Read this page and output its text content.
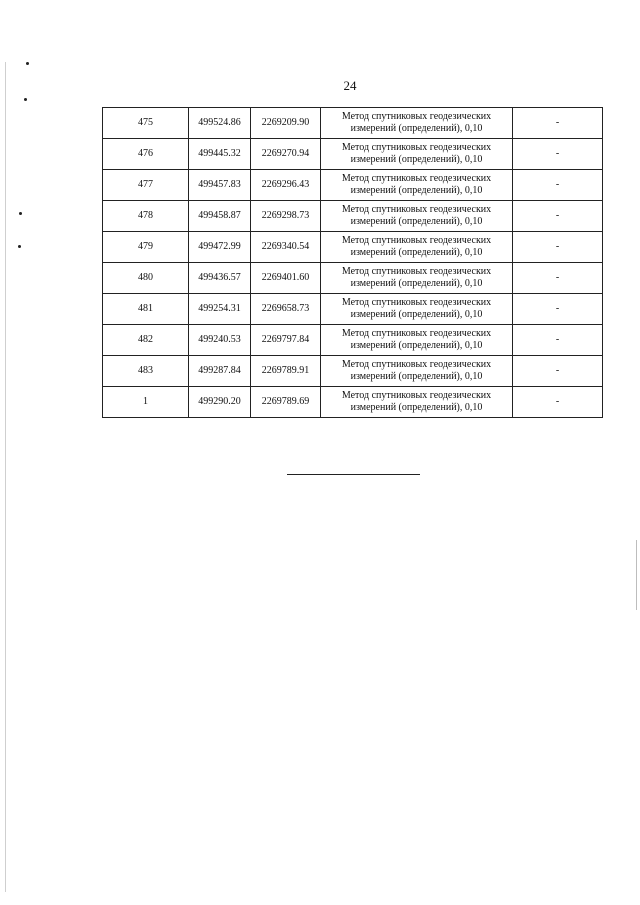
24
475	499524.86	2269209.90	Метод спутниковых геодезических измерений (определений), 0,10	-
476	499445.32	2269270.94	Метод спутниковых геодезических измерений (определений), 0,10	-
477	499457.83	2269296.43	Метод спутниковых геодезических измерений (определений), 0,10	-
478	499458.87	2269298.73	Метод спутниковых геодезических измерений (определений), 0,10	-
479	499472.99	2269340.54	Метод спутниковых геодезических измерений (определений), 0,10	-
480	499436.57	2269401.60	Метод спутниковых геодезических измерений (определений), 0,10	-
481	499254.31	2269658.73	Метод спутниковых геодезических измерений (определений), 0,10	-
482	499240.53	2269797.84	Метод спутниковых геодезических измерений (определений), 0,10	-
483	499287.84	2269789.91	Метод спутниковых геодезических измерений (определений), 0,10	-
1	499290.20	2269789.69	Метод спутниковых геодезических измерений (определений), 0,10	-
